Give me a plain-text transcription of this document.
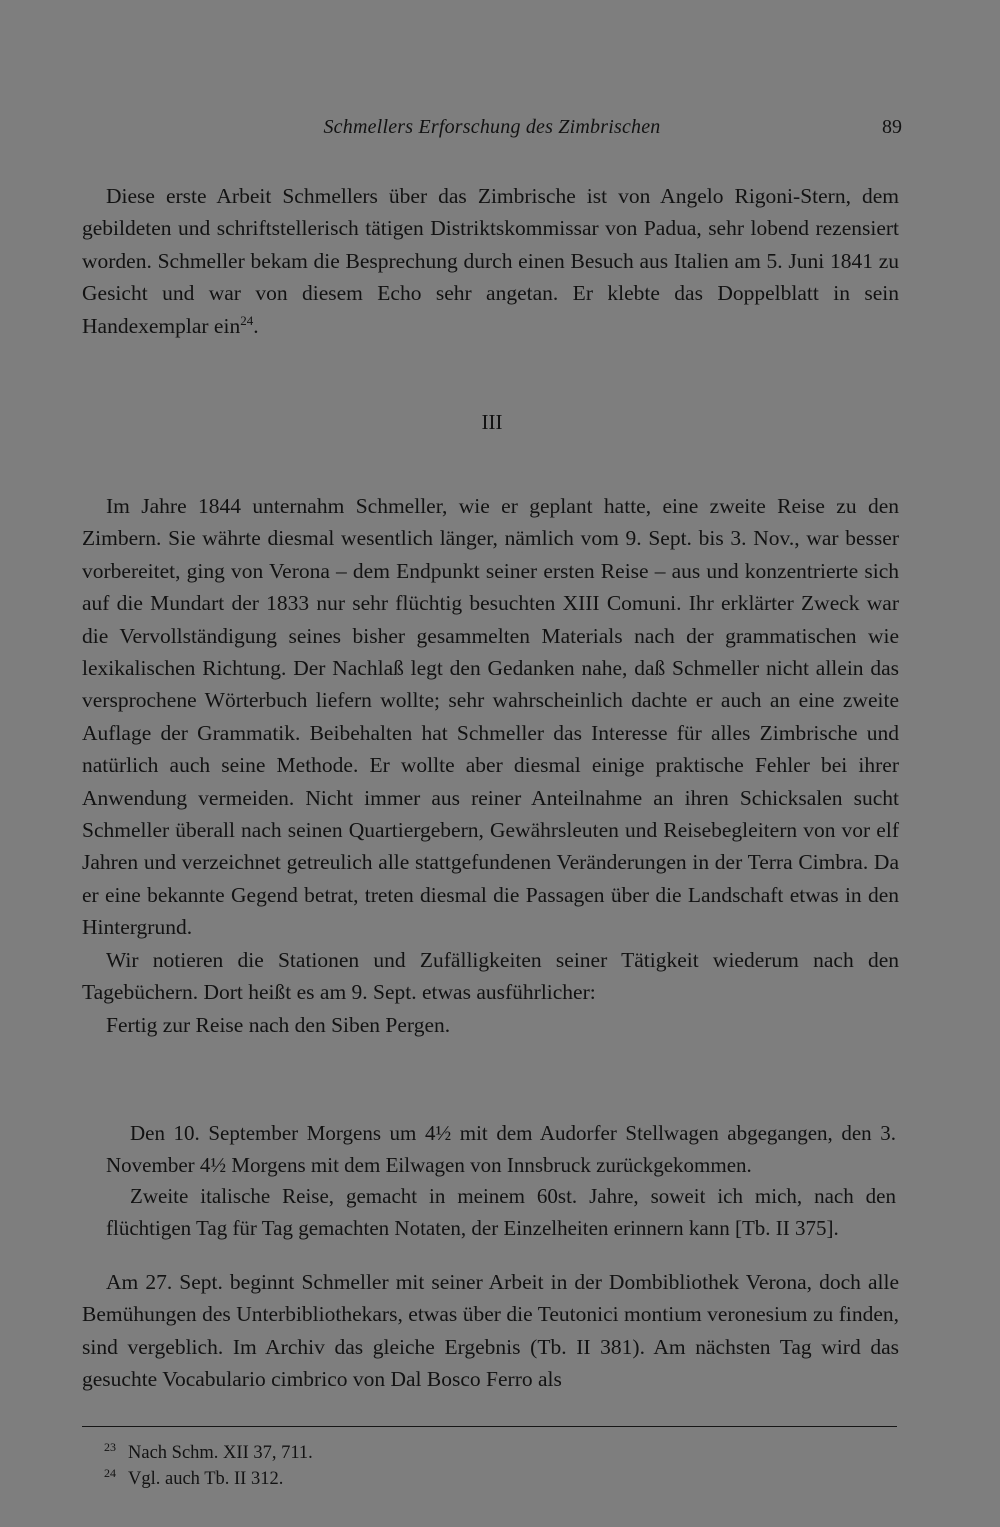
Schmellers Erforschung des Zimbrischen	89

Diese erste Arbeit Schmellers über das Zimbrische ist von Angelo Rigoni-Stern, dem gebildeten und schriftstellerisch tätigen Distriktskommissar von Padua, sehr lobend rezensiert worden. Schmeller bekam die Besprechung durch einen Besuch aus Italien am 5. Juni 1841 zu Gesicht und war von diesem Echo sehr angetan. Er klebte das Doppelblatt in sein Handexemplar ein$^{24}$.

III

Im Jahre 1844 unternahm Schmeller, wie er geplant hatte, eine zweite Reise zu den Zimbern. Sie währte diesmal wesentlich länger, nämlich vom 9. Sept. bis 3. Nov., war besser vorbereitet, ging von Verona – dem Endpunkt seiner ersten Reise – aus und konzentrierte sich auf die Mundart der 1833 nur sehr flüchtig besuchten XIII Comuni. Ihr erklärter Zweck war die Vervollständigung seines bisher gesammelten Materials nach der grammatischen wie lexikalischen Richtung. Der Nachlaß legt den Gedanken nahe, daß Schmeller nicht allein das versprochene Wörterbuch liefern wollte; sehr wahrscheinlich dachte er auch an eine zweite Auflage der Grammatik. Beibehalten hat Schmeller das Interesse für alles Zimbrische und natürlich auch seine Methode. Er wollte aber diesmal einige praktische Fehler bei ihrer Anwendung vermeiden. Nicht immer aus reiner Anteilnahme an ihren Schicksalen sucht Schmeller überall nach seinen Quartiergebern, Gewährsleuten und Reisebegleitern von vor elf Jahren und verzeichnet getreulich alle stattgefundenen Veränderungen in der Terra Cimbra. Da er eine bekannte Gegend betrat, treten diesmal die Passagen über die Landschaft etwas in den Hintergrund.

Wir notieren die Stationen und Zufälligkeiten seiner Tätigkeit wiederum nach den Tagebüchern. Dort heißt es am 9. Sept. etwas ausführlicher:

Fertig zur Reise nach den Siben Pergen.

Den 10. September Morgens um 4½ mit dem Audorfer Stellwagen abgegangen, den 3. November 4½ Morgens mit dem Eilwagen von Innsbruck zurückgekommen.

Zweite italische Reise, gemacht in meinem 60st. Jahre, soweit ich mich, nach den flüchtigen Tag für Tag gemachten Notaten, der Einzelheiten erinnern kann [Tb. II 375].

Am 27. Sept. beginnt Schmeller mit seiner Arbeit in der Dombibliothek Verona, doch alle Bemühungen des Unterbibliothekars, etwas über die Teutonici montium veronesium zu finden, sind vergeblich. Im Archiv das gleiche Ergebnis (Tb. II 381). Am nächsten Tag wird das gesuchte Vocabulario cimbrico von Dal Bosco Ferro als

$^{23}$ Nach Schm. XII 37, 711.

$^{24}$ Vgl. auch Tb. II 312.
